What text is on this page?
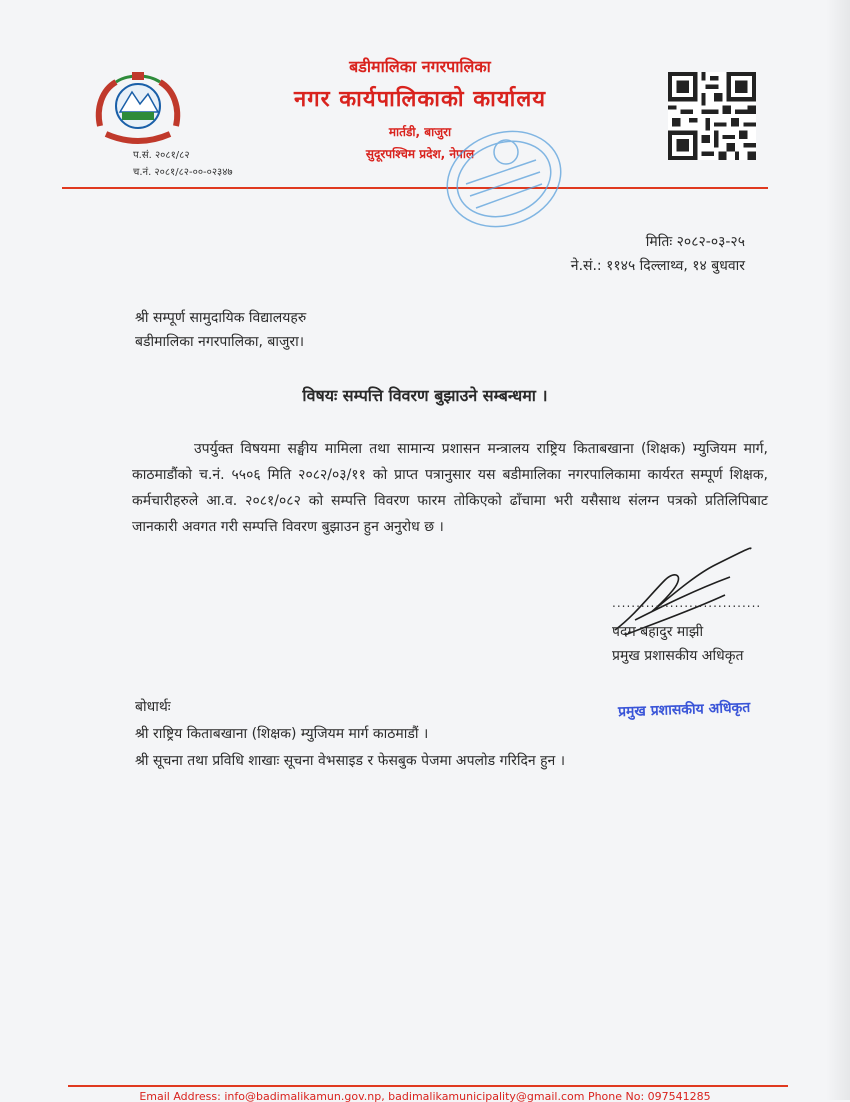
बडीमालिका नगरपालिका

नगर कार्यपालिकाको कार्यालय

मार्तडी, बाजुरा

सुदूरपश्चिम प्रदेश, नेपाल

प.सं. २०८१/८२
च.नं. २०८१/८२-००-०२३४७
मितिः २०८२-०३-२५
ने.सं.: ११४५ दिल्लाथ्व, १४ बुधवार
श्री सम्पूर्ण सामुदायिक विद्यालयहरु
बडीमालिका नगरपालिका, बाजुरा।
विषयः सम्पत्ति विवरण बुझाउने सम्बन्धमा ।
उपर्युक्त विषयमा सङ्घीय मामिला तथा सामान्य प्रशासन मन्त्रालय राष्ट्रिय किताबखाना (शिक्षक) म्युजियम मार्ग, काठमाडौंको च.नं. ५५०६ मिति २०८२/०३/११ को प्राप्त पत्रानुसार यस बडीमालिका नगरपालिकामा कार्यरत सम्पूर्ण शिक्षक, कर्मचारीहरुले आ.व. २०८१/०८२ को सम्पत्ति विवरण फारम तोकिएको ढाँचामा भरी यसैसाथ संलग्न पत्रको प्रतिलिपिबाट जानकारी अवगत गरी सम्पत्ति विवरण बुझाउन हुन अनुरोध छ ।
...............................
पदम बहादुर माझी
प्रमुख प्रशासकीय अधिकृत
प्रमुख प्रशासकीय अधिकृत
बोधार्थः
श्री राष्ट्रिय किताबखाना (शिक्षक) म्युजियम मार्ग काठमाडौं ।
श्री सूचना तथा प्रविधि शाखाः सूचना वेभसाइड र फेसबुक पेजमा अपलोड गरिदिन हुन ।
Email Address: info@badimalikamun.gov.np, badimalikamunicipality@gmail.com Phone No: 097541285
